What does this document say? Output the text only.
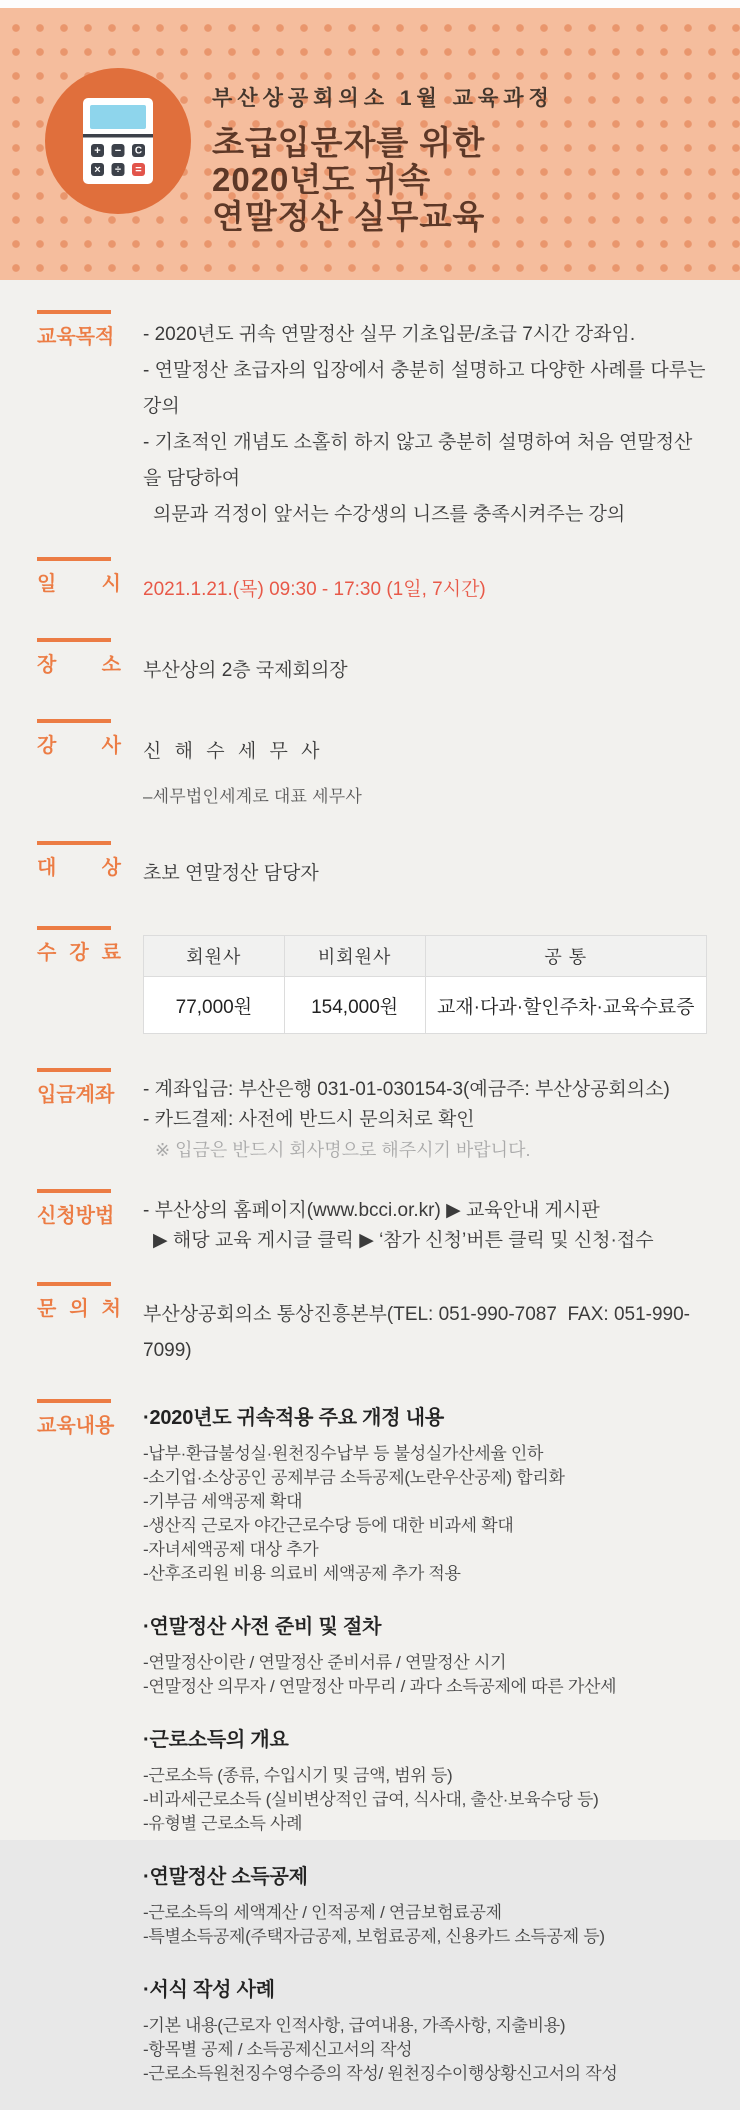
+ − C
× ÷ =
부산상공회의소 1월 교육과정
초급입문자를 위한
2020년도 귀속
연말정산 실무교육
교육목적	- 2020년도 귀속 연말정산 실무 기초입문/초급 7시간 강좌임.

- 연말정산 초급자의 입장에서 충분히 설명하고 다양한 사례를 다루는 강의

- 기초적인 개념도 소홀히 하지 않고 충분히 설명하여 처음 연말정산을 담당하여

의문과 걱정이 앞서는 수강생의 니즈를 충족시켜주는 강의

일 시 2021.1.21.(목) 09:30 - 17:30 (1일, 7시간)

장 소 부산상의 2층 국제회의장

강 사 신 해 수 세 무 사

–세무법인세계로 대표 세무사

대 상 초보 연말정산 담당자

수 강 료	회원사	비회원사	공 통
77,000원	154,000원	교재·다과·할인주차·교육수료증
입금계좌	- 계좌입금: 부산은행 031-01-030154-3(예금주: 부산상공회의소)

- 카드결제: 사전에 반드시 문의처로 확인

※ 입금은 반드시 회사명으로 해주시기 바랍니다.

신청방법	- 부산상의 홈페이지(www.bcci.or.kr) ▶ 교육안내 게시판

▶ 해당 교육 게시글 클릭 ▶ ‘참가 신청’버튼 클릭 및 신청·접수

문 의 처 부산상공회의소 통상진흥본부(TEL: 051-990-7087  FAX: 051-990-7099)

교육내용	·2020년도 귀속적용 주요 개정 내용
-납부·환급불성실·원천징수납부 등 불성실가산세율 인하
-소기업·소상공인 공제부금 소득공제(노란우산공제) 합리화
-기부금 세액공제 확대
-생산직 근로자 야간근로수당 등에 대한 비과세 확대
-자녀세액공제 대상 추가
-산후조리원 비용 의료비 세액공제 추가 적용
·연말정산 사전 준비 및 절차
-연말정산이란 / 연말정산 준비서류 / 연말정산 시기
-연말정산 의무자 / 연말정산 마무리 / 과다 소득공제에 따른 가산세
·근로소득의 개요
-근로소득 (종류, 수입시기 및 금액, 범위 등)
-비과세근로소득 (실비변상적인 급여, 식사대, 출산·보육수당 등)
-유형별 근로소득 사례
·연말정산 소득공제
-근로소득의 세액계산 / 인적공제 / 연금보험료공제
-특별소득공제(주택자금공제, 보험료공제, 신용카드 소득공제 등)
·서식 작성 사례
-기본 내용(근로자 인적사항, 급여내용, 가족사항, 지출비용)
-항목별 공제 / 소득공제신고서의 작성
-근로소득원천징수영수증의 작성/ 원천징수이행상황신고서의 작성
